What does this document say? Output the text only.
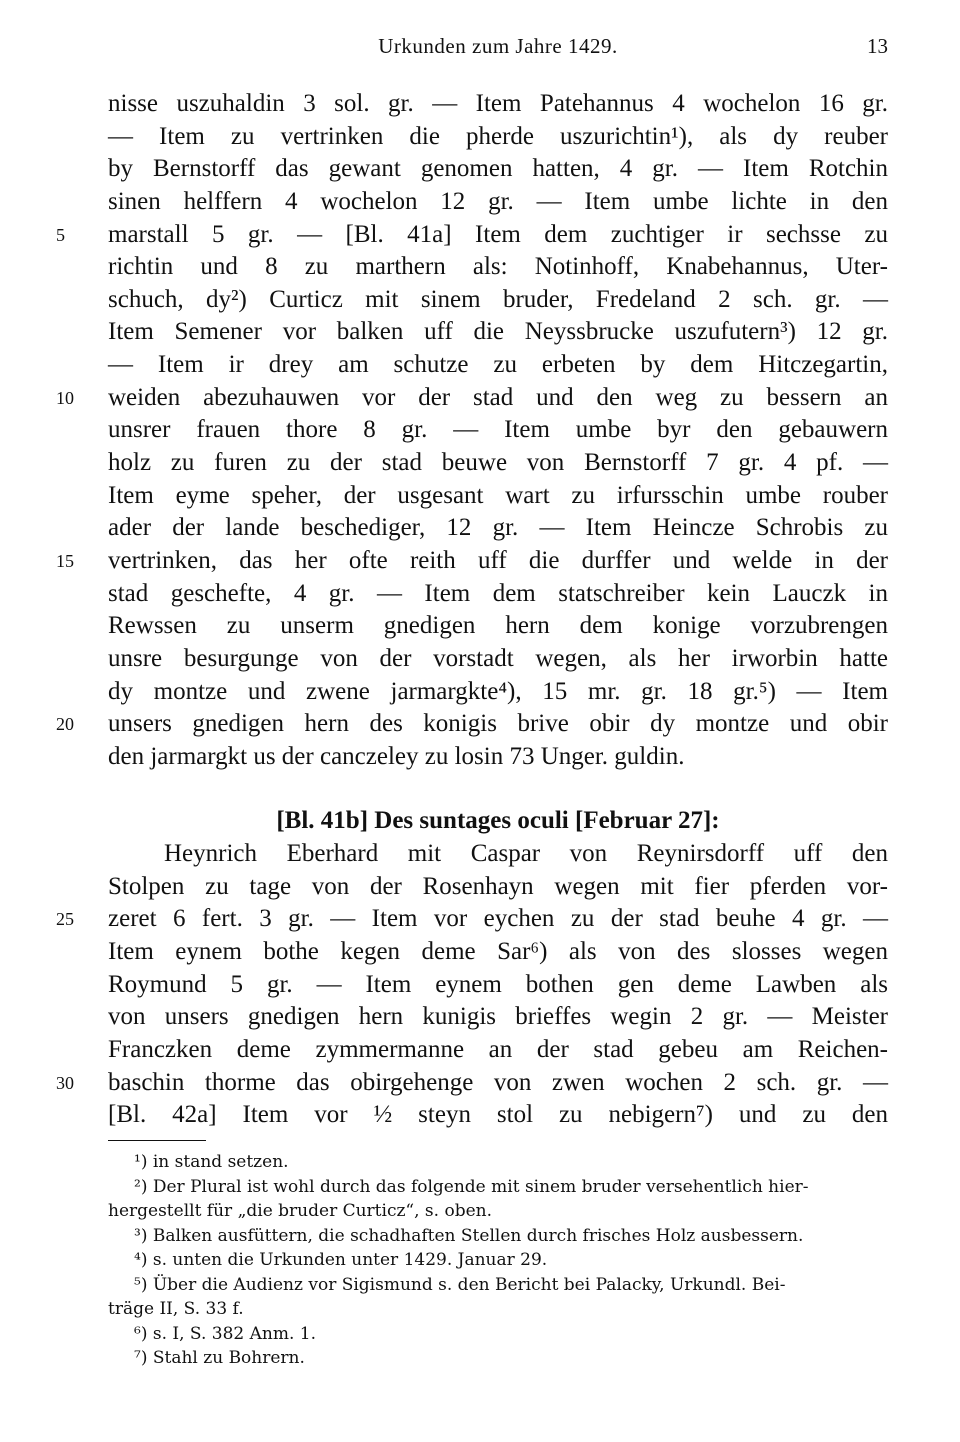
Urkunden zum Jahre 1429.	13
nisse uszuhaldin 3 sol. gr. — Item Patehannus 4 wochelon 16 gr.
— Item zu vertrinken die pherde uszurichtin¹), als dy reuber
by Bernstorff das gewant genomen hatten, 4 gr. — Item Rotchin
sinen helffern 4 wochelon 12 gr. — Item umbe lichte in den
marstall 5 gr. — [Bl. 41a] Item dem zuchtiger ir sechsse zu
5
richtin und 8 zu marthern als: Notinhoff, Knabehannus, Uter-
schuch, dy²) Curticz mit sinem bruder, Fredeland 2 sch. gr. —
Item Semener vor balken uff die Neyssbrucke uszufutern³) 12 gr.
— Item ir drey am schutze zu erbeten by dem Hitczegartin,
weiden abezuhauwen vor der stad und den weg zu bessern an
10
unsrer frauen thore 8 gr. — Item umbe byr den gebauwern
holz zu furen zu der stad beuwe von Bernstorff 7 gr. 4 pf. —
Item eyme speher, der usgesant wart zu irfursschin umbe rouber
ader der lande beschediger, 12 gr. — Item Heincze Schrobis zu
vertrinken, das her ofte reith uff die durffer und welde in der
15
stad geschefte, 4 gr. — Item dem statschreiber kein Lauczk in
Rewssen zu unserm gnedigen hern dem konige vorzubrengen
unsre besurgunge von der vorstadt wegen, als her irworbin hatte
dy montze und zwene jarmargkte⁴), 15 mr. gr. 18 gr.⁵) — Item
unsers gnedigen hern des konigis brive obir dy montze und obir
20
den jarmargkt us der canczeley zu losin 73 Unger. guldin.
[Bl. 41b] Des suntages oculi [Februar 27]:
Heynrich Eberhard mit Caspar von Reynirsdorff uff den
Stolpen zu tage von der Rosenhayn wegen mit fier pferden vor-
zeret 6 fert. 3 gr. — Item vor eychen zu der stad beuhe 4 gr. —
25
Item eynem bothe kegen deme Sar⁶) als von des slosses wegen
Roymund 5 gr. — Item eynem bothen gen deme Lawben als
von unsers gnedigen hern kunigis brieffes wegin 2 gr. — Meister
Franczken deme zymmermanne an der stad gebeu am Reichen-
baschin thorme das obirgehenge von zwen wochen 2 sch. gr. —
30
[Bl. 42a] Item vor ½ steyn stol zu nebigern⁷) und zu den
¹) in stand setzen.
²) Der Plural ist wohl durch das folgende mit sinem bruder versehentlich hier-
hergestellt für „die bruder Curticz“, s. oben.
³) Balken ausfüttern, die schadhaften Stellen durch frisches Holz ausbessern.
⁴) s. unten die Urkunden unter 1429. Januar 29.
⁵) Über die Audienz vor Sigismund s. den Bericht bei Palacky, Urkundl. Bei-
träge II, S. 33 f.
⁶) s. I, S. 382 Anm. 1.
⁷) Stahl zu Bohrern.
